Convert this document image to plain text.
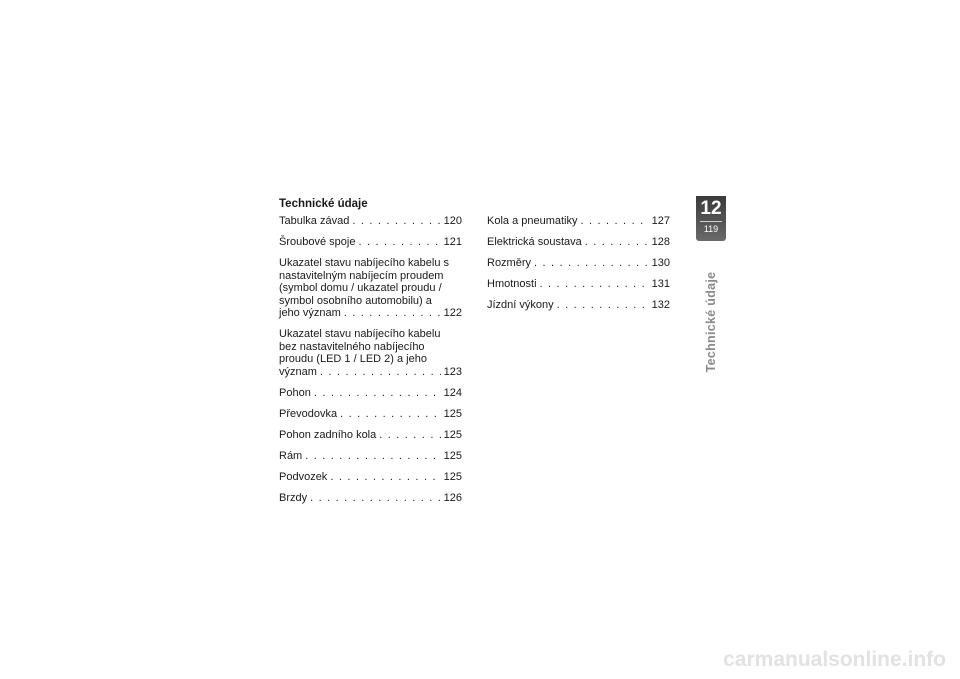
Technické údaje
Tabulka závad . . .	120
Šroubové spoje . . .	121
Ukazatel stavu nabíjecího kabelu s
nastavitelným nabíjecím proudem
(symbol domu / ukazatel proudu /
symbol osobního automobilu) a
jeho význam . . .	122
Ukazatel stavu nabíjecího kabelu
bez nastavitelného nabíjecího
proudu (LED 1 / LED 2) a jeho
význam . . .	123
Pohon . . .	124
Převodovka . . .	125
Pohon zadního kola . . .	125
Rám . . .	125
Podvozek . . .	125
Brzdy . . .	126
Kola a pneumatiky . . .	127
Elektrická soustava . . .	128
Rozměry . . .	130
Hmotnosti . . .	131
Jízdní výkony . . .	132
12
119
Technické údaje
carmanualsonline.info
